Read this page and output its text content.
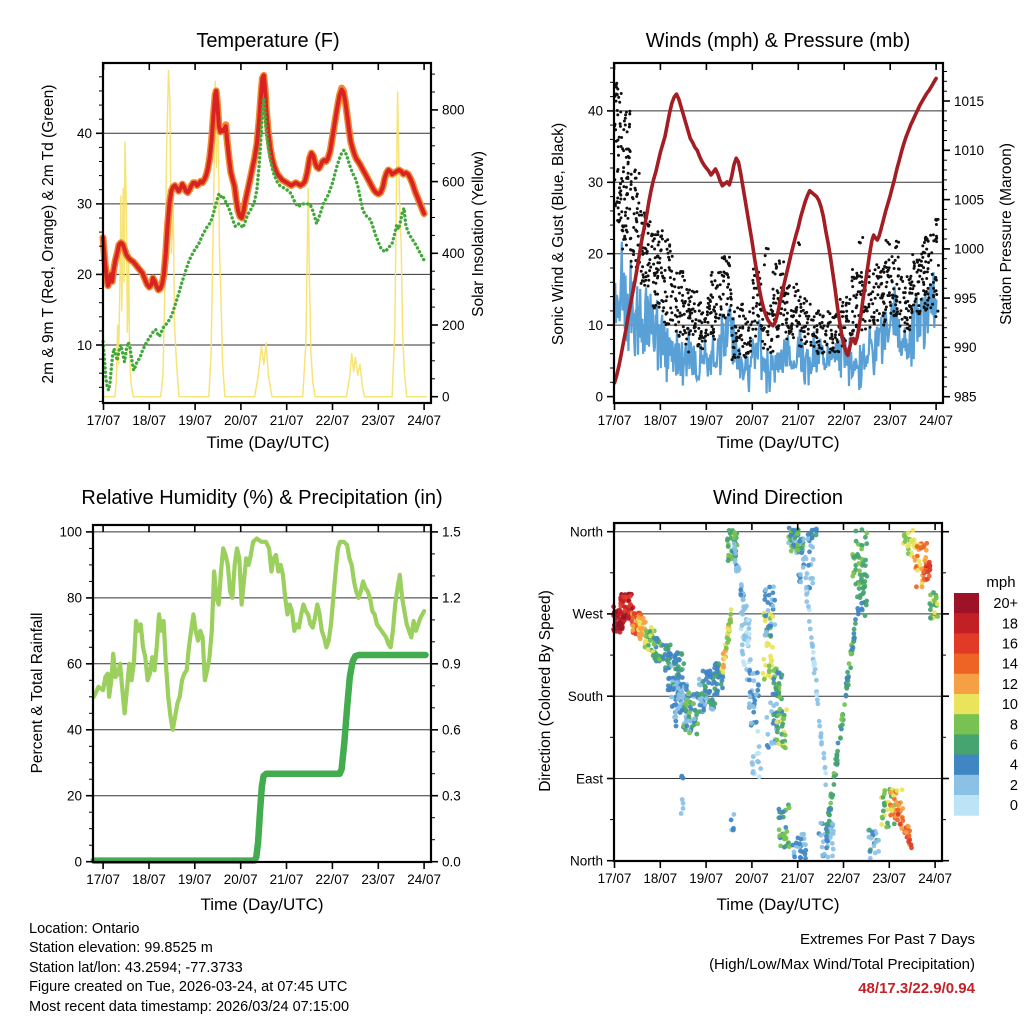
17/07 18/07 19/07 20/07 21/07 22/07 23/07 24/07
10
20
30
40
0
200
400
600
800
17/07 18/07 19/07 20/07 21/07 22/07 23/07 24/07
0
10
20
30
40
985
990
995
1000
1005
1010
1015
17/07 18/07 19/07 20/07 21/07 22/07 23/07 24/07
0
20
40
60
80
100
0.0
0.3
0.6
0.9
1.2
1.5
17/07 18/07 19/07 20/07 21/07 22/07 23/07 24/07
North
West
South
East
North
mph
20+
18
16
14
12
10
8
6
4
2
0
Temperature (F)	Winds (mph) & Pressure (mb)
Relative Humidity (%) & Precipitation (in)	Wind Direction
Time (Day/UTC)	Time (Day/UTC)
Time (Day/UTC)	Time (Day/UTC)
2m & 9m T (Red, Orange) & 2m Td (Green)	Solar Insolation (Yellow)	Sonic Wind & Gust (Blue, Black)	Station Pressure (Maroon)
Percent & Total Rainfall	Direction (Colored By Speed)
Location: Ontario
Station elevation: 99.8525 m
Station lat/lon: 43.2594; -77.3733
Figure created on Tue, 2026-03-24, at 07:45 UTC
Most recent data timestamp: 2026/03/24 07:15:00
Extremes For Past 7 Days
(High/Low/Max Wind/Total Precipitation)
48/17.3/22.9/0.94
